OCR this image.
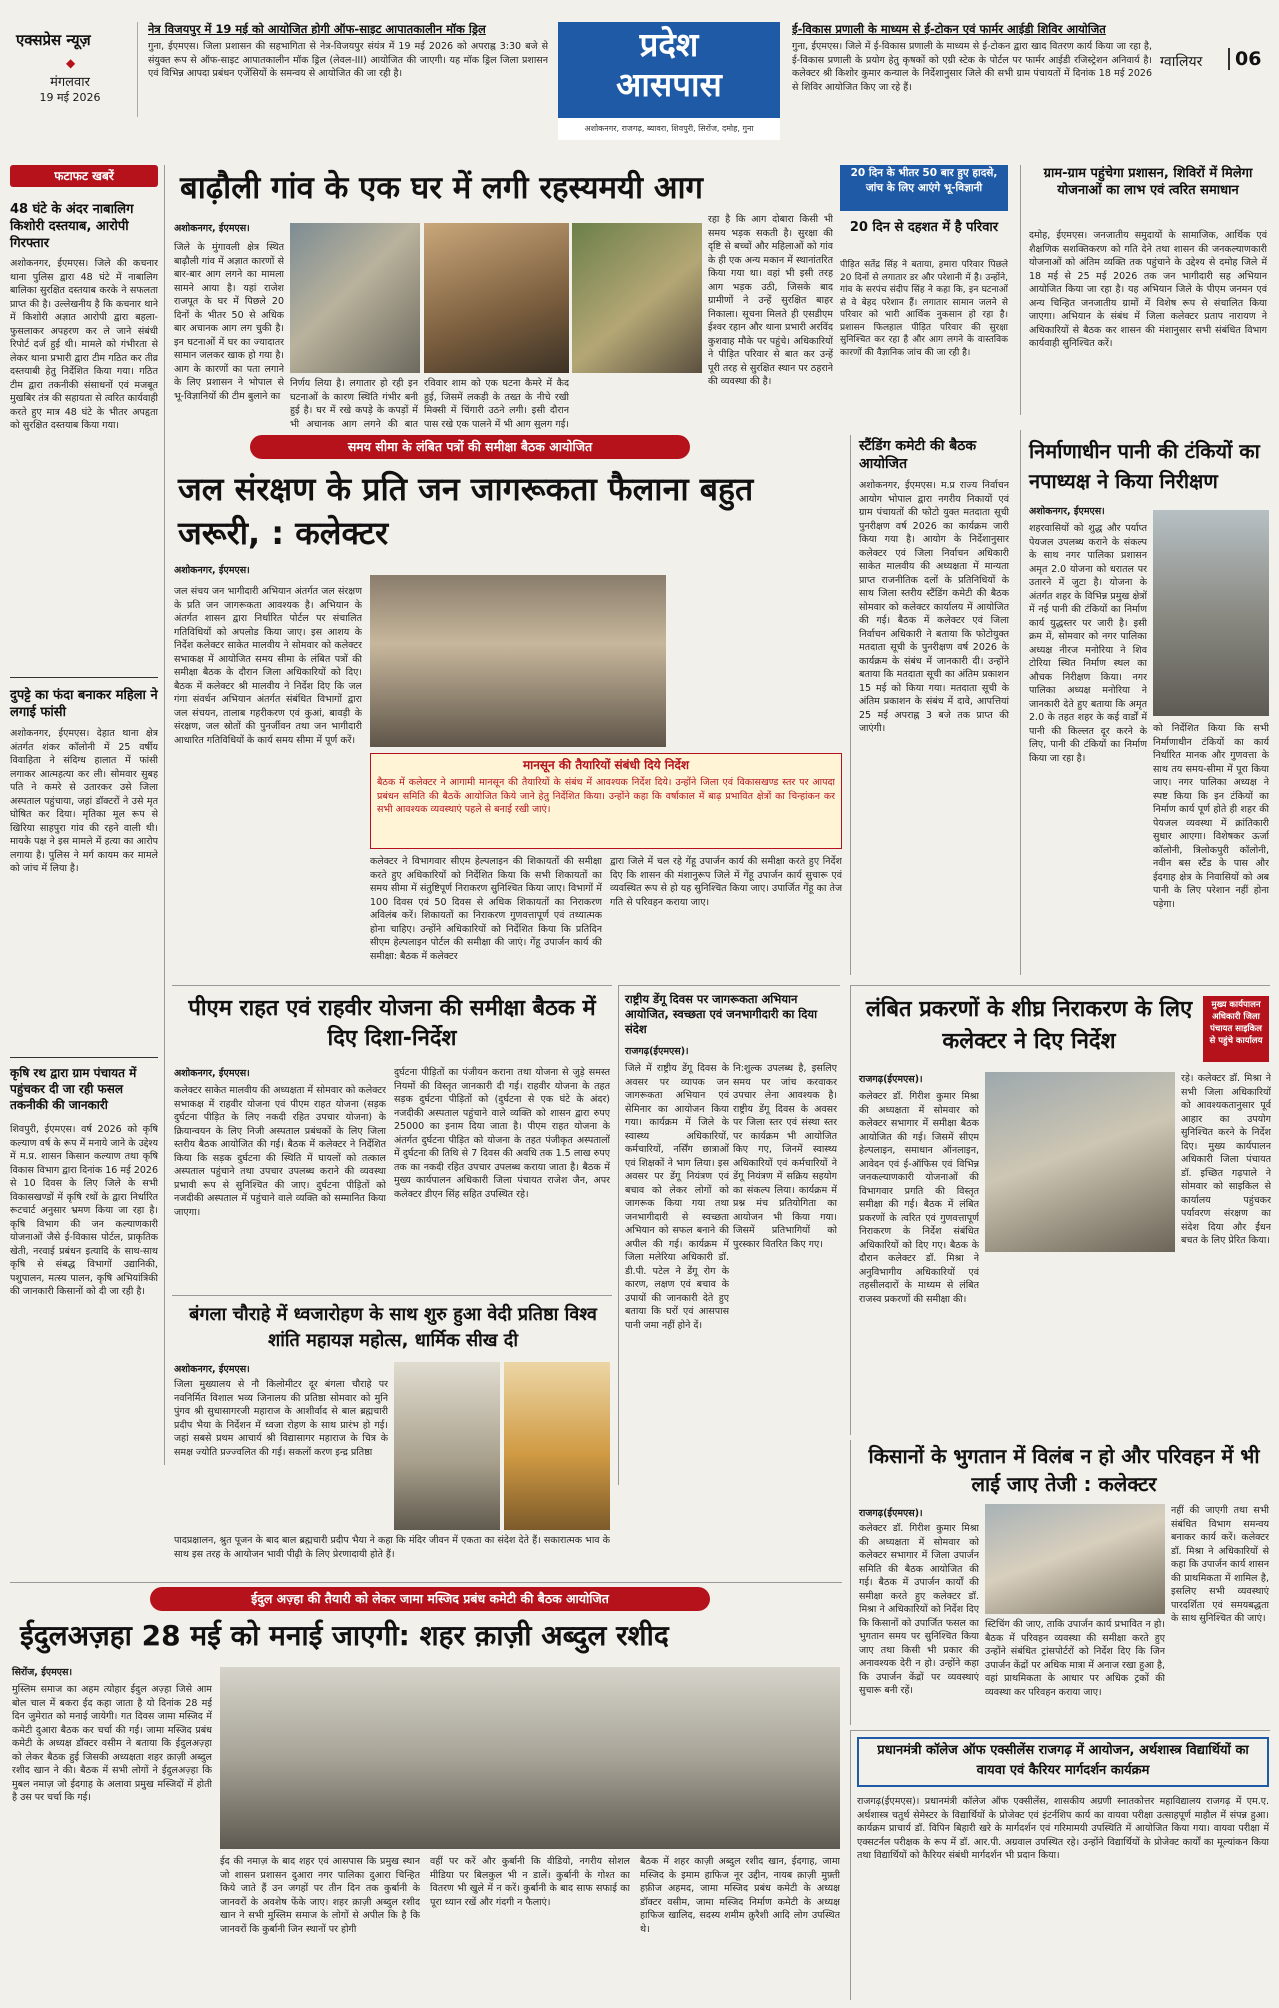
एक्सप्रेस न्यूज़
◆
मंगलवार
19 मई 2026
नेत्र विजयपुर में 19 मई को आयोजित होगी ऑफ-साइट आपातकालीन मॉक ड्रिल
गुना, ईएमएस। जिला प्रशासन की सहभागिता से नेत्र-विजयपुर संयंत्र में 19 मई 2026 को अपराह्न 3:30 बजे से संयुक्त रूप से ऑफ-साइट आपातकालीन मॉक ड्रिल (लेवल-III) आयोजित की जाएगी। यह मॉक ड्रिल जिला प्रशासन एवं विभिन्न आपदा प्रबंधन एजेंसियों के समन्वय से आयोजित की जा रही है।
प्रदेश
आसपास
अशोकनगर, राजगढ़, ब्यावरा, शिवपुरी, सिरोंज, दमोह, गुना
ई-विकास प्रणाली के माध्यम से ई-टोकन एवं फार्मर आईडी शिविर आयोजित
गुना, ईएमएस। जिले में ई-विकास प्रणाली के माध्यम से ई-टोकन द्वारा खाद वितरण कार्य किया जा रहा है, ई-विकास प्रणाली के प्रयोग हेतु कृषकों को एग्री स्टेक के पोर्टल पर फार्मर आईडी रजिस्ट्रेशन अनिवार्य है। कलेक्टर श्री किशोर कुमार कन्याल के निर्देशानुसार जिले की सभी ग्राम पंचायतों में दिनांक 18 मई 2026 से शिविर आयोजित किए जा रहे हैं।
ग्वालियर	06
फटाफट खबरें
48 घंटे के अंदर नाबालिग किशोरी दस्तयाब, आरोपी गिरफ्तार
अशोकनगर, ईएमएस। जिले की कचनार थाना पुलिस द्वारा 48 घंटे में नाबालिग बालिका सुरक्षित दस्तयाब करके ने सफलता प्राप्त की है। उल्लेखनीय है कि कचनार थाने में किशोरी अज्ञात आरोपी द्वारा बहला-फुसलाकर अपहरण कर ले जाने संबंधी रिपोर्ट दर्ज हुई थी। मामले को गंभीरता से लेकर थाना प्रभारी द्वारा टीम गठित कर तीव्र दस्तयाबी हेतु निर्देशित किया गया। गठित टीम द्वारा तकनीकी संसाधनों एवं मजबूत मुखबिर तंत्र की सहायता से त्वरित कार्यवाही करते हुए मात्र 48 घंटे के भीतर अपहृता को सुरक्षित दस्तयाब किया गया।
दुपट्टे का फंदा बनाकर महिला ने लगाई फांसी
अशोकनगर, ईएमएस। देहात थाना क्षेत्र अंतर्गत शंकर कॉलोनी में 25 वर्षीय विवाहिता ने संदिग्ध हालात में फांसी लगाकर आत्महत्या कर ली। सोमवार सुबह पति ने कमरे से उतारकर उसे जिला अस्पताल पहुंचाया, जहां डॉक्टरों ने उसे मृत घोषित कर दिया। मृतिका मूल रूप से खिरिया साहपुरा गांव की रहने वाली थी। मायके पक्ष ने इस मामले में हत्या का आरोप लगाया है। पुलिस ने मर्ग कायम कर मामले को जांच में लिया है।
कृषि रथ द्वारा ग्राम पंचायत में पहुंचकर दी जा रही फसल तकनीकी की जानकारी
शिवपुरी, ईएमएस। वर्ष 2026 को कृषि कल्याण वर्ष के रूप में मनाये जाने के उद्देश्य में म.प्र. शासन किसान कल्याण तथा कृषि विकास विभाग द्वारा दिनांक 16 मई 2026 से 10 दिवस के लिए जिले के सभी विकासखण्डों में कृषि रथों के द्वारा निर्धारित रूटचार्ट अनुसार भ्रमण किया जा रहा है। कृषि विभाग की जन कल्याणकारी योजनाओं जैसे ई-विकास पोर्टल, प्राकृतिक खेती, नरवाई प्रबंधन इत्यादि के साथ-साथ कृषि से संबद्ध विभागों उद्यानिकी, पशुपालन, मत्स्य पालन, कृषि अभियांत्रिकी की जानकारी किसानों को दी जा रही है।
बाढ़ौली गांव के एक घर में लगी रहस्यमयी आग
अशोकनगर, ईएमएस।
जिले के मुंगावली क्षेत्र स्थित बाढ़ौली गांव में अज्ञात कारणों से बार-बार आग लगने का मामला सामने आया है। यहां राजेश राजपूत के घर में पिछले 20 दिनों के भीतर 50 से अधिक बार अचानक आग लग चुकी है। इन घटनाओं में घर का ज्यादातर सामान जलकर खाक हो गया है। आग के कारणों का पता लगाने के लिए प्रशासन ने भोपाल से भू-विज्ञानियों की टीम बुलाने का
निर्णय लिया है। लगातार हो रही इन घटनाओं के कारण स्थिति गंभीर बनी हुई है। घर में रखे कपड़े के कपड़ों में भी अचानक आग लगने की बात
रविवार शाम को एक घटना कैमरे में कैद हुई, जिसमें लकड़ी के तख्त के नीचे रखी मिक्सी में चिंगारी उठने लगी। इसी दौरान पास रखे एक पालने में भी आग सुलग गई।
रहा है कि आग दोबारा किसी भी समय भड़क सकती है। सुरक्षा की दृष्टि से बच्चों और महिलाओं को गांव के ही एक अन्य मकान में स्थानांतरित किया गया था। वहां भी इसी तरह आग भड़क उठी, जिसके बाद ग्रामीणों ने उन्हें सुरक्षित बाहर निकाला। सूचना मिलते ही एसडीएम ईश्वर रहान और थाना प्रभारी अरविंद कुशवाह मौके पर पहुंचे। अधिकारियों ने पीड़ित परिवार से बात कर उन्हें पूरी तरह से सुरक्षित स्थान पर ठहराने की व्यवस्था की है।
20 दिन के भीतर 50 बार हुए हादसे, जांच के लिए आएंगे भू-विज्ञानी
20 दिन से दहशत में है परिवार
पीड़ित सतेंद्र सिंह ने बताया, हमारा परिवार पिछले 20 दिनों से लगातार डर और परेशानी में है। उन्होंने, गांव के सरपंच संदीप सिंह ने कहा कि, इन घटनाओं से वे बेहद परेशान हैं। लगातार सामान जलने से परिवार को भारी आर्थिक नुकसान हो रहा है। प्रशासन फिलहाल पीड़ित परिवार की सुरक्षा सुनिश्चित कर रहा है और आग लगने के वास्तविक कारणों की वैज्ञानिक जांच की जा रही है।
ग्राम-ग्राम पहुंचेगा प्रशासन, शिविरों में मिलेगा योजनाओं का लाभ एवं त्वरित समाधान
दमोह, ईएमएस। जनजातीय समुदायों के सामाजिक, आर्थिक एवं शैक्षणिक सशक्तिकरण को गति देने तथा शासन की जनकल्याणकारी योजनाओं को अंतिम व्यक्ति तक पहुंचाने के उद्देश्य से दमोह जिले में 18 मई से 25 मई 2026 तक जन भागीदारी सह अभियान आयोजित किया जा रहा है। यह अभियान जिले के पीएम जनमन एवं अन्य चिन्हित जनजातीय ग्रामों में विशेष रूप से संचालित किया जाएगा। अभियान के संबंध में जिला कलेक्टर प्रताप नारायण ने अधिकारियों से बैठक कर शासन की मंशानुसार सभी संबंधित विभाग कार्यवाही सुनिश्चित करें।
समय सीमा के लंबित पत्रों की समीक्षा बैठक आयोजित
जल संरक्षण के प्रति जन जागरूकता फैलाना बहुत जरूरी, : कलेक्टर
अशोकनगर, ईएमएस।
जल संचय जन भागीदारी अभियान अंतर्गत जल संरक्षण के प्रति जन जागरूकता आवश्यक है। अभियान के अंतर्गत शासन द्वारा निर्धारित पोर्टल पर संचालित गतिविधियों को अपलोड किया जाए। इस आशय के निर्देश कलेक्टर साकेत मालवीय ने सोमवार को कलेक्टर सभाकक्ष में आयोजित समय सीमा के लंबित पत्रों की समीक्षा बैठक के दौरान जिला अधिकारियों को दिए। बैठक में कलेक्टर श्री मालवीय ने निर्देश दिए कि जल गंगा संवर्धन अभियान अंतर्गत संबंधित विभागों द्वारा जल संचयन, तालाब गहरीकरण एवं कुआं, बावड़ी के संरक्षण, जल स्रोतों की पुनर्जीवन तथा जन भागीदारी आधारित गतिविधियों के कार्य समय सीमा में पूर्ण करें।
मानसून की तैयारियों संबंधी दिये निर्देश
बैठक में कलेक्टर ने आगामी मानसून की तैयारियों के संबंध में आवश्यक निर्देश दिये। उन्होंने जिला एवं विकासखण्ड स्तर पर आपदा प्रबंधन समिति की बैठकें आयोजित किये जाने हेतु निर्देशित किया। उन्होंने कहा कि वर्षाकाल में बाढ़ प्रभावित क्षेत्रों का चिन्हांकन कर सभी आवश्यक व्यवस्थाएं पहले से बनाई रखी जाएं।
कलेक्टर ने विभागवार सीएम हेल्पलाइन की शिकायतों की समीक्षा करते हुए अधिकारियों को निर्देशित किया कि सभी शिकायतों का समय सीमा में संतुष्टिपूर्ण निराकरण सुनिश्चित किया जाए। विभागों में 100 दिवस एवं 50 दिवस से अधिक शिकायतों का निराकरण अविलंब करें। शिकायतों का निराकरण गुणवत्तापूर्ण एवं तथ्यात्मक होना चाहिए। उन्होंने अधिकारियों को निर्देशित किया कि प्रतिदिन सीएम हेल्पलाइन पोर्टल की समीक्षा की जाएं। गेंहू उपार्जन कार्य की समीक्षा: बैठक में कलेक्टर
द्वारा जिले में चल रहे गेंहू उपार्जन कार्य की समीक्षा करते हुए निर्देश दिए कि शासन की मंशानुरूप जिले में गेंहू उपार्जन कार्य सुचारू एवं व्यवस्थित रूप से हो यह सुनिश्चित किया जाए। उपार्जित गेंहू का तेज गति से परिवहन कराया जाए।
स्टैंडिंग कमेटी की बैठक आयोजित
अशोकनगर, ईएमएस। म.प्र राज्य निर्वाचन आयोग भोपाल द्वारा नगरीय निकायों एवं ग्राम पंचायतों की फोटो युक्त मतदाता सूची पुनरीक्षण वर्ष 2026 का कार्यक्रम जारी किया गया है। आयोग के निर्देशानुसार कलेक्टर एवं जिला निर्वाचन अधिकारी साकेत मालवीय की अध्यक्षता में मान्यता प्राप्त राजनीतिक दलों के प्रतिनिधियों के साथ जिला स्तरीय स्टैंडिंग कमेटी की बैठक सोमवार को कलेक्टर कार्यालय में आयोजित की गई। बैठक में कलेक्टर एवं जिला निर्वाचन अधिकारी ने बताया कि फोटोयुक्त मतदाता सूची के पुनरीक्षण वर्ष 2026 के कार्यक्रम के संबंध में जानकारी दी। उन्होंने बताया कि मतदाता सूची का अंतिम प्रकाशन 15 मई को किया गया। मतदाता सूची के अंतिम प्रकाशन के संबंध में दावे, आपत्तियां 25 मई अपराह्न 3 बजे तक प्राप्त की जाएंगी।
निर्माणाधीन पानी की टंकियों का नपाध्यक्ष ने किया निरीक्षण
अशोकनगर, ईएमएस।
शहरवासियों को शुद्ध और पर्याप्त पेयजल उपलब्ध कराने के संकल्प के साथ नगर पालिका प्रशासन अमृत 2.0 योजना को धरातल पर उतारने में जुटा है। योजना के अंतर्गत शहर के विभिन्न प्रमुख क्षेत्रों में नई पानी की टंकियों का निर्माण कार्य युद्धस्तर पर जारी है। इसी क्रम में, सोमवार को नगर पालिका अध्यक्ष नीरज मनोरिया ने शिव टोरिया स्थित निर्माण स्थल का औचक निरीक्षण किया। नगर पालिका अध्यक्ष मनोरिया ने जानकारी देते हुए बताया कि अमृत 2.0 के तहत शहर के कई वार्डों में पानी की किल्लत दूर करने के लिए, पानी की टंकियों का निर्माण किया जा रहा है।
को निर्देशित किया कि सभी निर्माणाधीन टंकियों का कार्य निर्धारित मानक और गुणवत्ता के साथ तय समय-सीमा में पूरा किया जाए। नगर पालिका अध्यक्ष ने स्पष्ट किया कि इन टंकियों का निर्माण कार्य पूर्ण होते ही शहर की पेयजल व्यवस्था में क्रांतिकारी सुधार आएगा। विशेषकर ऊर्जा कॉलोनी, त्रिलोकपुरी कॉलोनी, नवीन बस स्टैंड के पास और ईदगाह क्षेत्र के निवासियों को अब पानी के लिए परेशान नहीं होना पड़ेगा।
पीएम राहत एवं राहवीर योजना की समीक्षा बैठक में दिए दिशा-निर्देश
अशोकनगर, ईएमएस।
कलेक्टर साकेत मालवीय की अध्यक्षता में सोमवार को कलेक्टर सभाकक्ष में राहवीर योजना एवं पीएम राहत योजना (सड़क दुर्घटना पीड़ित के लिए नकदी रहित उपचार योजना) के क्रियान्वयन के लिए निजी अस्पताल प्रबंधकों के लिए जिला स्तरीय बैठक आयोजित की गई। बैठक में कलेक्टर ने निर्देशित किया कि सड़क दुर्घटना की स्थिति में घायलों को तत्काल अस्पताल पहुंचाने तथा उपचार उपलब्ध कराने की व्यवस्था प्रभावी रूप से सुनिश्चित की जाए। दुर्घटना पीड़ितों को नजदीकी अस्पताल में पहुंचाने वाले व्यक्ति को सम्मानित किया जाएगा।
दुर्घटना पीड़ितों का पंजीयन कराना तथा योजना से जुड़े समस्त नियमों की विस्तृत जानकारी दी गई। राहवीर योजना के तहत सड़क दुर्घटना पीड़ितों को (दुर्घटना से एक घंटे के अंदर) नजदीकी अस्पताल पहुंचाने वाले व्यक्ति को शासन द्वारा रुपए 25000 का इनाम दिया जाता है। पीएम राहत योजना के अंतर्गत दुर्घटना पीड़ित को योजना के तहत पंजीकृत अस्पतालों में दुर्घटना की तिथि से 7 दिवस की अवधि तक 1.5 लाख रुपए तक का नकदी रहित उपचार उपलब्ध कराया जाता है। बैठक में मुख्य कार्यपालन अधिकारी जिला पंचायत राजेश जैन, अपर कलेक्टर डीएन सिंह सहित उपस्थित रहे।
राष्ट्रीय डेंगू दिवस पर जागरूकता अभियान आयोजित, स्वच्छता एवं जनभागीदारी का दिया संदेश
राजगढ़(ईएमएस)।
जिले में राष्ट्रीय डेंगू दिवस के अवसर पर व्यापक जन जागरूकता अभियान एवं सेमिनार का आयोजन किया गया। कार्यक्रम में जिले के स्वास्थ्य अधिकारियों, कर्मचारियों, नर्सिंग छात्राओं एवं शिक्षकों ने भाग लिया। इस अवसर पर डेंगू नियंत्रण एवं बचाव को लेकर लोगों को जागरूक किया गया तथा जनभागीदारी से स्वच्छता अभियान को सफल बनाने की अपील की गई। कार्यक्रम में जिला मलेरिया अधिकारी डॉ. डी.पी. पटेल ने डेंगू रोग के कारण, लक्षण एवं बचाव के उपायों की जानकारी देते हुए बताया कि घरों एवं आसपास पानी जमा नहीं होने दें।
नि:शुल्क उपलब्ध है, इसलिए समय पर जांच करवाकर उपचार लेना आवश्यक है। राष्ट्रीय डेंगू दिवस के अवसर पर जिला स्तर एवं संस्था स्तर पर कार्यक्रम भी आयोजित किए गए, जिनमें स्वास्थ्य अधिकारियों एवं कर्मचारियों ने डेंगू नियंत्रण में सक्रिय सहयोग का संकल्प लिया। कार्यक्रम में प्रश्न मंच प्रतियोगिता का आयोजन भी किया गया। जिसमें प्रतिभागियों को पुरस्कार वितरित किए गए।
बंगला चौराहे में ध्वजारोहण के साथ शुरु हुआ वेदी प्रतिष्ठा विश्व शांति महायज्ञ महोत्स, धार्मिक सीख दी
अशोकनगर, ईएमएस।
जिला मुख्यालय से नौ किलोमीटर दूर बंगला चौराहे पर नवनिर्मित विशाल भव्य जिनालय की प्रतिष्ठा सोमवार को मुनि पुंगव श्री सुधासागरजी महाराज के आशीर्वाद से बाल ब्रह्मचारी प्रदीप भैया के निर्देशन में ध्वजा रोहण के साथ प्रारंभ हो गई। जहां सबसे प्रथम आचार्य श्री विद्यासागर महाराज के चित्र के समक्ष ज्योति प्रज्ज्वलित की गई। सकलों करण इन्द्र प्रतिष्ठा
पादप्रक्षालन, श्रुत पूजन के बाद बाल ब्रह्मचारी प्रदीप भैया ने कहा कि मंदिर जीवन में एकता का संदेश देते हैं। सकारात्मक भाव के साथ इस तरह के आयोजन भावी पीढ़ी के लिए प्रेरणादायी होते हैं।
लंबित प्रकरणों के शीघ्र निराकरण के लिए कलेक्टर ने दिए निर्देश
मुख्य कार्यपालन अधिकारी जिला पंचायत साइकिल से पहुंचे कार्यालय
राजगढ़(ईएमएस)।
कलेक्टर डॉ. गिरीश कुमार मिश्रा की अध्यक्षता में सोमवार को कलेक्टर सभागार में समीक्षा बैठक आयोजित की गई। जिसमें सीएम हेल्पलाइन, समाधान ऑनलाइन, आवेदन एवं ई-ऑफिस एवं विभिन्न जनकल्याणकारी योजनाओं की विभागवार प्रगति की विस्तृत समीक्षा की गई। बैठक में लंबित प्रकरणों के त्वरित एवं गुणवत्तापूर्ण निराकरण के निर्देश संबंधित अधिकारियों को दिए गए। बैठक के दौरान कलेक्टर डॉ. मिश्रा ने अनुविभागीय अधिकारियों एवं तहसीलदारों के माध्यम से लंबित राजस्व प्रकरणों की समीक्षा की।
रहे। कलेक्टर डॉ. मिश्रा ने सभी जिला अधिकारियों को आवश्यकतानुसार पूर्व आहार का उपयोग सुनिश्चित करने के निर्देश दिए। मुख्य कार्यपालन अधिकारी जिला पंचायत डॉ. इच्छित गढ़पाले ने सोमवार को साइकिल से कार्यालय पहुंचकर पर्यावरण संरक्षण का संदेश दिया और ईंधन बचत के लिए प्रेरित किया।
किसानों के भुगतान में विलंब न हो और परिवहन में भी लाई जाए तेजी : कलेक्टर
राजगढ़(ईएमएस)।
कलेक्टर डॉ. गिरीश कुमार मिश्रा की अध्यक्षता में सोमवार को कलेक्टर सभागार में जिला उपार्जन समिति की बैठक आयोजित की गई। बैठक में उपार्जन कार्यों की समीक्षा करते हुए कलेक्टर डॉ. मिश्रा ने अधिकारियों को निर्देश दिए कि किसानों को उपार्जित फसल का भुगतान समय पर सुनिश्चित किया जाए तथा किसी भी प्रकार की अनावश्यक देरी न हो। उन्होंने कहा कि उपार्जन केंद्रों पर व्यवस्थाएं सुचारू बनी रहें।
स्टिचिंग की जाए, ताकि उपार्जन कार्य प्रभावित न हो। बैठक में परिवहन व्यवस्था की समीक्षा करते हुए उन्होंने संबंधित ट्रांसपोर्टरों को निर्देश दिए कि जिन उपार्जन केंद्रों पर अधिक मात्रा में अनाज रखा हुआ है, वहां प्राथमिकता के आधार पर अधिक ट्रकों की व्यवस्था कर परिवहन कराया जाए।
नहीं की जाएगी तथा सभी संबंधित विभाग समन्वय बनाकर कार्य करें। कलेक्टर डॉ. मिश्रा ने अधिकारियों से कहा कि उपार्जन कार्य शासन की प्राथमिकता में शामिल है, इसलिए सभी व्यवस्थाएं पारदर्शिता एवं समयबद्धता के साथ सुनिश्चित की जाएं।
ईदुल अज़्हा की तैयारी को लेकर जामा मस्जिद प्रबंध कमेटी की बैठक आयोजित
ईदुलअज़हा 28 मई को मनाई जाएगी: शहर क़ाज़ी अब्दुल रशीद
सिरोंज, ईएमएस।
मुस्लिम समाज का अहम त्योहार ईदुल अज़्हा जिसे आम बोल चाल में बकरा ईद कहा जाता है यो दिनांक 28 मई दिन जुमेरात को मनाई जायेगी। गत दिवस जामा मस्जिद में कमेटी दुआरा बैठक कर चर्चा की गई। जामा मस्जिद प्रबंध कमेटी के अध्यक्ष डॉक्टर वसीम ने बताया कि ईदुलअज़्हा को लेकर बैठक हुई जिसकी अध्यक्षता शहर क़ाज़ी अब्दुल रशीद खान ने की। बैठक में सभी लोगों ने ईदुलअज़्हा कि मुबल नमाज़ जो ईदगाह के अलावा प्रमुख मस्जिदों में होती है उस पर चर्चा कि गई।
ईद की नमाज़ के बाद शहर एवं आसपास कि प्रमुख स्थान जो शासन प्रशासन दुआरा नगर पालिका दुआरा चिन्हित किये जाते हैं उन जगहों पर तीन दिन तक कुर्बानी के जानवरों के अवशेष फेंके जाए। शहर क़ाज़ी अब्दुल रशीद खान ने सभी मुस्लिम समाज के लोगों से अपील कि है कि जानवरों कि कुर्बानी जिन स्थानों पर होगी
वहीं पर करें और कुर्बानी कि वीडियो, नगरीय सोशल मीडिया पर बिलकुल भी न डालें। कुर्बानी के गोश्त का वितरण भी खुले में न करें। कुर्बानी के बाद साफ सफाई का पूरा ध्यान रखें और गंदगी न फैलाएं।
बैठक में शहर काज़ी अब्दुल रशीद खान, ईदगाह, जामा मस्जिद के इमाम हाफिज नूर उद्दीन, नायब क़ाज़ी मुफ़्ती हफ़ीज अहमद, जामा मस्जिद प्रबंध कमेटी के अध्यक्ष डॉक्टर वसीम, जामा मस्जिद निर्माण कमेटी के अध्यक्ष हाफिज खालिद, सदस्य शमीम क़ुरैशी आदि लोग उपस्थित थे।
प्रधानमंत्री कॉलेज ऑफ एक्सीलेंस राजगढ़ में आयोजन, अर्थशास्त्र विद्यार्थियों का वायवा एवं कैरियर मार्गदर्शन कार्यक्रम
राजगढ़(ईएमएस)। प्रधानमंत्री कॉलेज ऑफ एक्सीलेंस, शासकीय अग्रणी स्नातकोत्तर महाविद्यालय राजगढ़ में एम.ए. अर्थशास्त्र चतुर्थ सेमेस्टर के विद्यार्थियों के प्रोजेक्ट एवं इंटर्नशिप कार्य का वायवा परीक्षा उत्साहपूर्ण माहौल में संपन्न हुआ। कार्यक्रम प्राचार्य डॉ. विपिन बिहारी खरे के मार्गदर्शन एवं गरिमामयी उपस्थिति में आयोजित किया गया। वायवा परीक्षा में एक्सटर्नल परीक्षक के रूप में डॉ. आर.पी. अग्रवाल उपस्थित रहे। उन्होंने विद्यार्थियों के प्रोजेक्ट कार्यों का मूल्यांकन किया तथा विद्यार्थियों को कैरियर संबंधी मार्गदर्शन भी प्रदान किया।
